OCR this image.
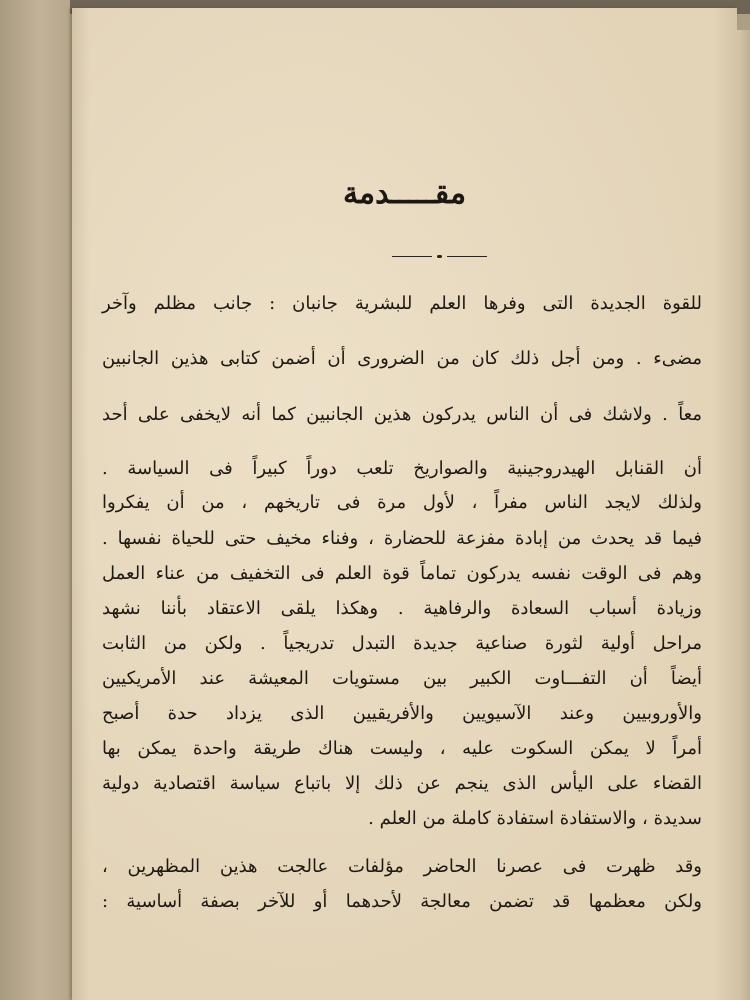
مقـــــدمة
للقوة الجديدة التى وفرها العلم للبشرية جانبان : جانب مظلم وآخر
مضىء . ومن أجل ذلك كان من الضرورى أن أضمن كتابى هذين الجانبين
معاً . ولاشك فى أن الناس يدركون هذين الجانبين كما أنه لايخفى على أحد
أن القنابل الهيدروجينية والصواريخ تلعب دوراً كبيراً فى السياسة .
ولذلك لايجد الناس مفراً ، لأول مرة فى تاريخهم ، من أن يفكروا
فيما قد يحدث من إبادة مفزعة للحضارة ، وفناء مخيف حتى للحياة نفسها .
وهم فى الوقت نفسه يدركون تماماً قوة العلم فى التخفيف من عناء العمل
وزيادة أسباب السعادة والرفاهية . وهكذا يلقى الاعتقاد بأننا نشهد
مراحل أولية لثورة صناعية جديدة التبدل تدريجياً . ولكن من الثابت
أيضاً أن التفـــاوت الكبير بين مستويات المعيشة عند الأمريكيين
والأوروبيين وعند الآسيويين والأفريقيين الذى يزداد حدة أصبح
أمراً لا يمكن السكوت عليه ، وليست هناك طريقة واحدة يمكن بها
القضاء على اليأس الذى ينجم عن ذلك إلا باتباع سياسة اقتصادية دولية
سديدة ، والاستفادة استفادة كاملة من العلم .
وقد ظهرت فى عصرنا الحاضر مؤلفات عالجت هذين المظهرين ،
ولكن معظمها قد تضمن معالجة لأحدهما أو للآخر بصفة أساسية :
